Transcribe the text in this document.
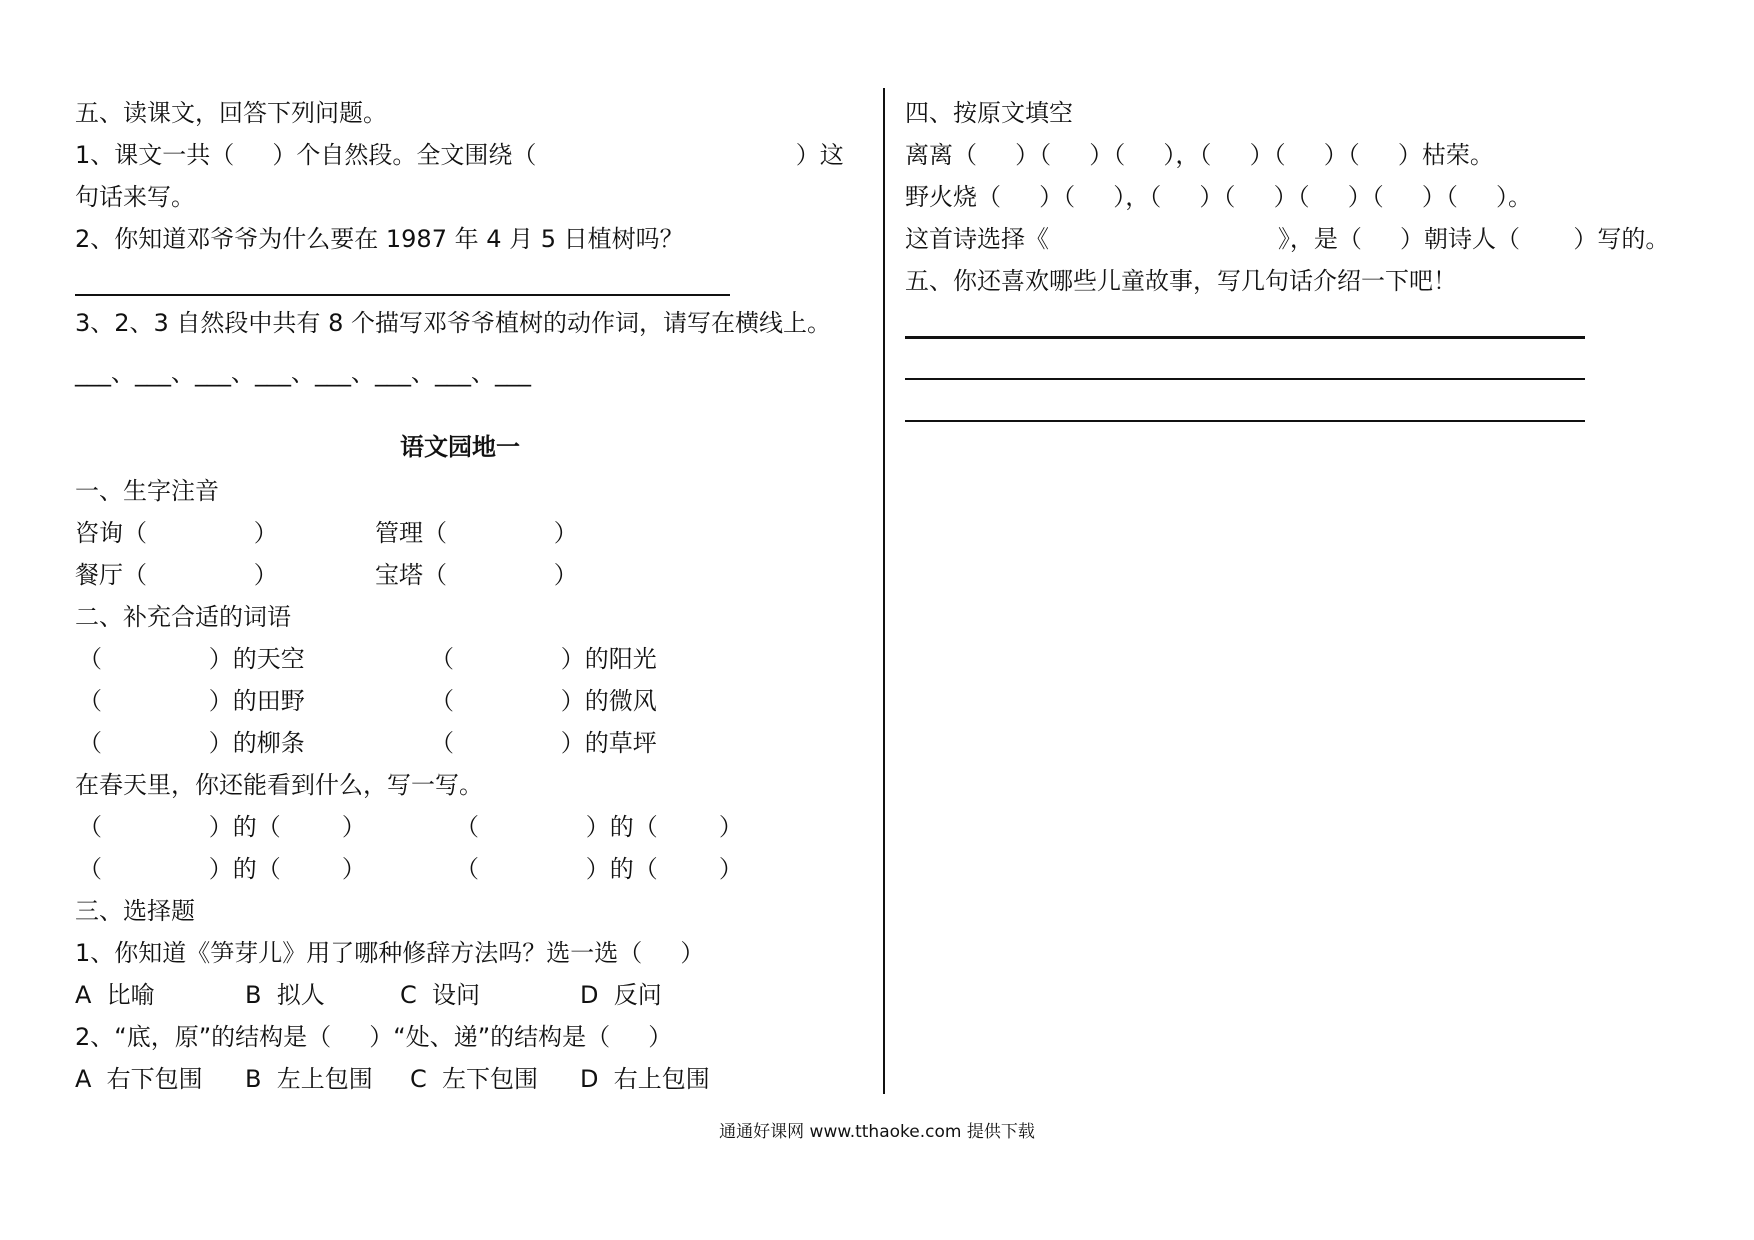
五、读课文，回答下列问题。
1、课文一共（     ）个自然段。全文围绕（                                  ）这
句话来写。
2、你知道邓爷爷为什么要在 1987 年 4 月 5 日植树吗？
3、2、3 自然段中共有 8 个描写邓爷爷植树的动作词，请写在横线上。
___、___、___、___、___、___、___、___
语文园地一
一、生字注音
咨询（              ）	管理（              ）
餐厅（              ）	宝塔（              ）
二、补充合适的词语
（              ）的天空	（              ）的阳光
（              ）的田野	（              ）的微风
（              ）的柳条	（              ）的草坪
在春天里，你还能看到什么，写一写。
（              ）的（        ）	（              ）的（        ）
（              ）的（        ）	（              ）的（        ）
三、选择题
1、你知道《笋芽儿》用了哪种修辞方法吗？选一选（     ）
A  比喻	B  拟人	C  设问	D  反问
2、“底，原”的结构是（     ）“处、递”的结构是（     ）
A  右下包围 B  左上包围 C  左下包围 D  右上包围
四、按原文填空
离离（     ）（     ）（     ），（     ）（     ）（     ）枯荣。
野火烧（     ）（     ），（     ）（     ）（     ）（     ）（     ）。
这首诗选择《                              》，是（     ）朝诗人（       ）写的。
五、你还喜欢哪些儿童故事，写几句话介绍一下吧！
通通好课网 www.tthaoke.com 提供下载
